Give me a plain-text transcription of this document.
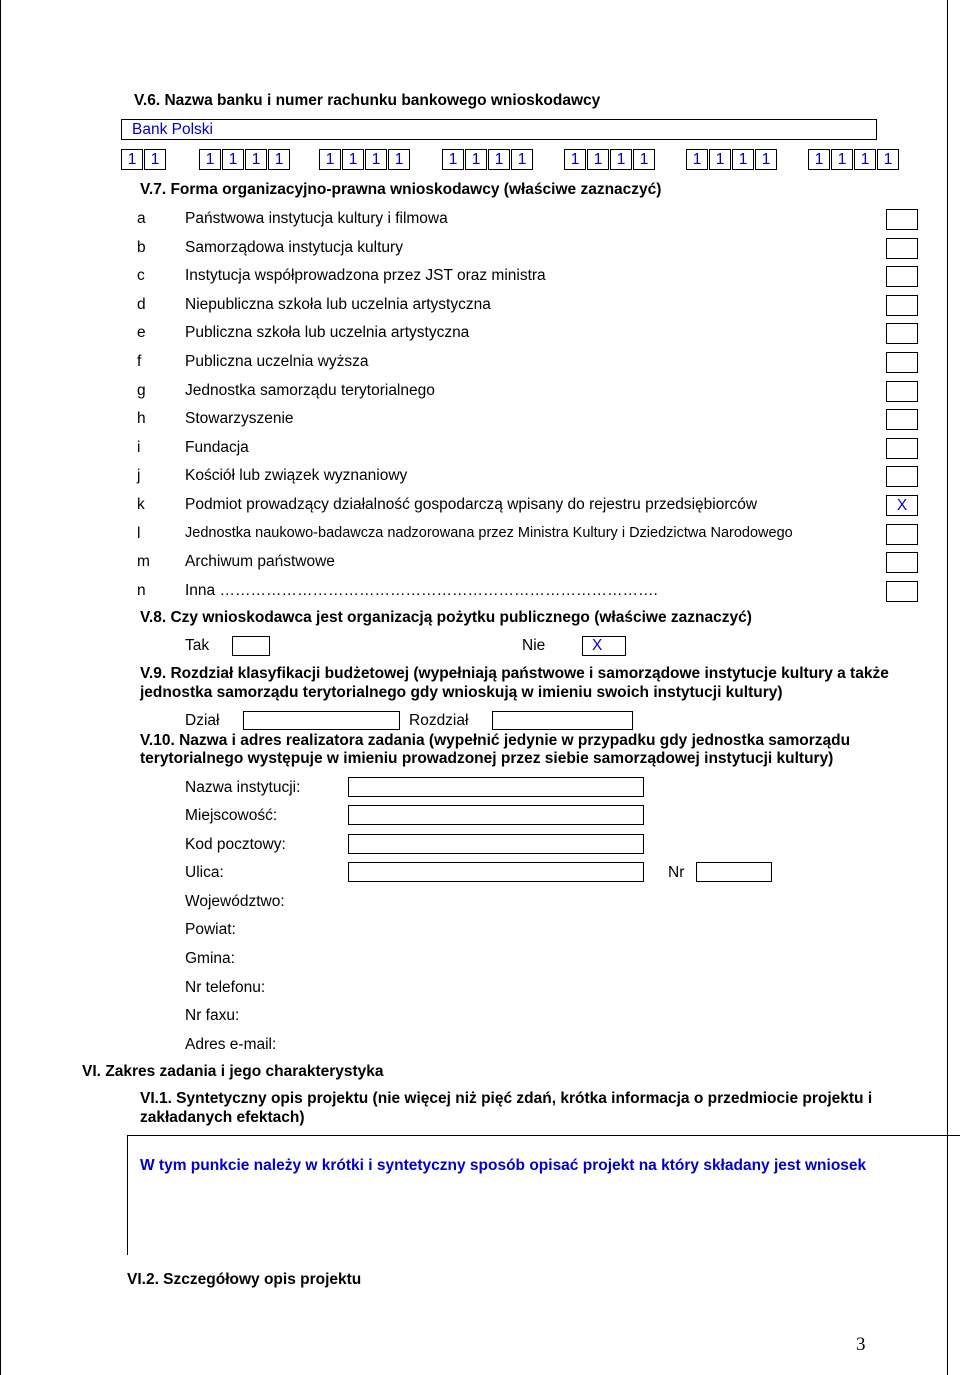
V.6. Nazwa banku i numer rachunku bankowego wnioskodawcy
Bank Polski
1 1	1 1 1 1	1 1 1 1	1 1 1 1	1 1 1 1	1 1 1 1	1 1 1 1
V.7. Forma organizacyjno-prawna wnioskodawcy (właściwe zaznaczyć)
a	Państwowa instytucja kultury i filmowa
b	Samorządowa instytucja kultury
c	Instytucja współprowadzona przez JST oraz ministra
d	Niepubliczna szkoła lub uczelnia artystyczna
e	Publiczna szkoła lub uczelnia artystyczna
f	Publiczna uczelnia wyższa
g	Jednostka samorządu terytorialnego
h	Stowarzyszenie
i	Fundacja
j	Kościół lub związek wyznaniowy
k	Podmiot prowadzący działalność gospodarczą wpisany do rejestru przedsiębiorców	X
l	Jednostka naukowo-badawcza nadzorowana przez Ministra Kultury i Dziedzictwa Narodowego
m Archiwum państwowe
n	Inna ………………………………………………………………………….
V.8. Czy wnioskodawca jest organizacją pożytku publicznego (właściwe zaznaczyć)
Tak	Nie	X
V.9. Rozdział klasyfikacji budżetowej (wypełniają państwowe i samorządowe instytucje kultury a także
jednostka samorządu terytorialnego gdy wnioskują w imieniu swoich instytucji kultury)
Dział	Rozdział
V.10. Nazwa i adres realizatora zadania (wypełnić jedynie w przypadku gdy jednostka samorządu
terytorialnego występuje w imieniu prowadzonej przez siebie samorządowej instytucji kultury)
Nazwa instytucji:
Miejscowość:
Kod pocztowy:
Ulica:	Nr
Województwo:
Powiat:
Gmina:
Nr telefonu:
Nr faxu:
Adres e-mail:
VI. Zakres zadania i jego charakterystyka
VI.1. Syntetyczny opis projektu (nie więcej niż pięć zdań, krótka informacja o przedmiocie projektu i
zakładanych efektach)
W tym punkcie należy w krótki i syntetyczny sposób opisać projekt na który składany jest wniosek
VI.2. Szczegółowy opis projektu
3
